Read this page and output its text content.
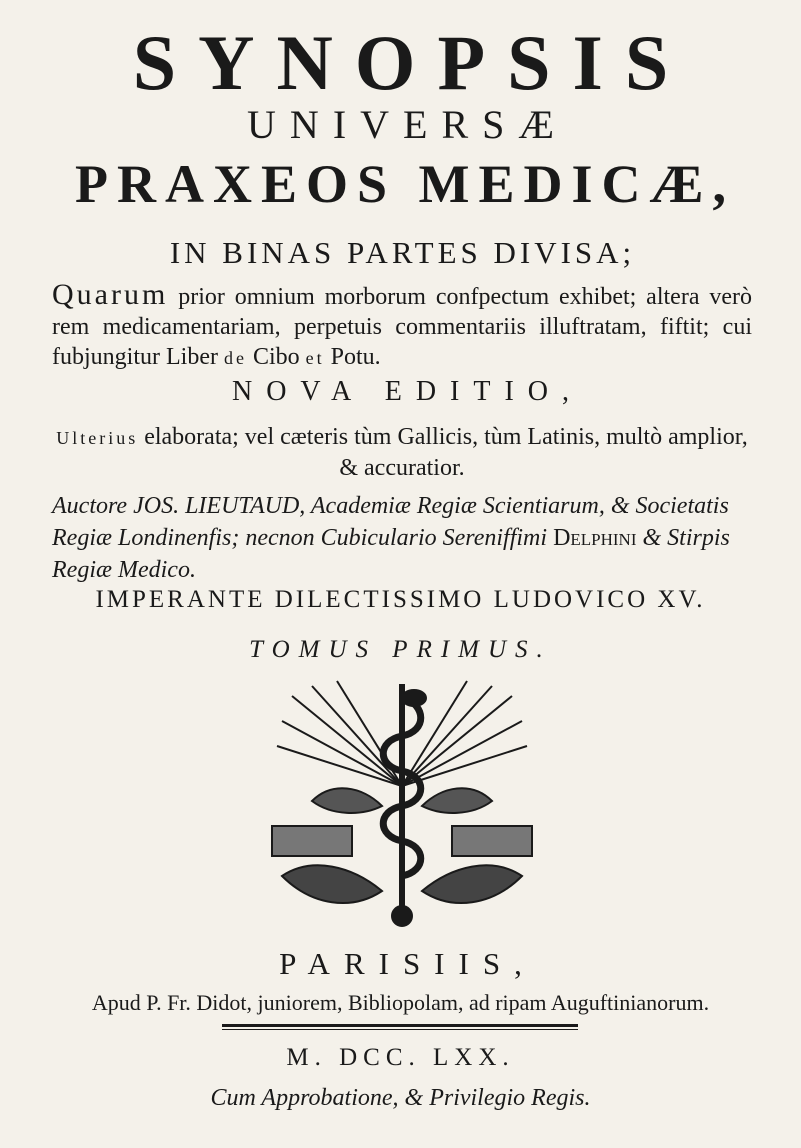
SYNOPSIS
UNIVERSÆ
PRAXEOS MEDICÆ,
IN BINAS PARTES DIVISA;
Quarum prior omnium morborum confpectum exhibet; altera verò rem medicamentariam, perpetuis commentariis illuftratam, fiftit; cui fubjungitur Liber de Cibo et Potu.
NOVA EDITIO,
Ulterius elaborata; vel cæteris tùm Gallicis, tùm Latinis, multò amplior, & accuratior.
Auctore JOS. LIEUTAUD, Academiæ Regiæ Scientiarum, & Societatis Regiæ Londinenfis; necnon Cubiculario Sereniffimi Delphini & Stirpis Regiæ Medico.
IMPERANTE DILECTISSIMO LUDOVICO XV.
TOMUS PRIMUS.
PARISIIS,
Apud P. Fr. Didot, juniorem, Bibliopolam, ad ripam Auguftinianorum.
M. DCC. LXX.
Cum Approbatione, & Privilegio Regis.
